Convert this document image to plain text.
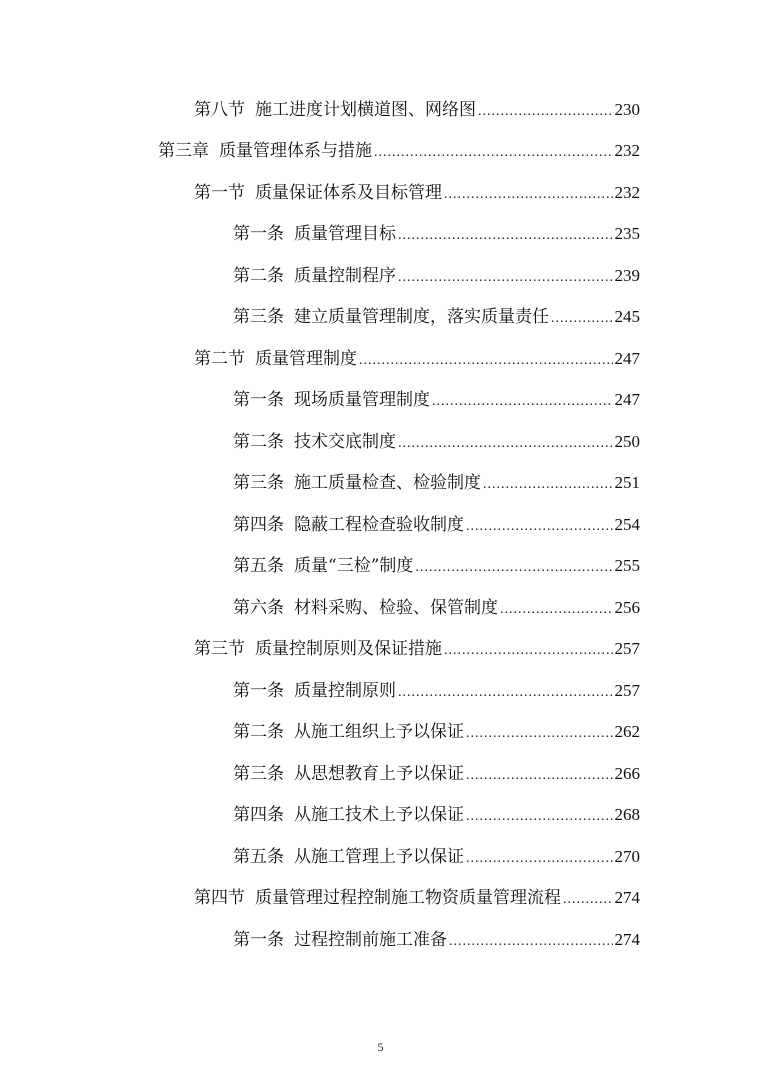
第八节 施工进度计划横道图、网络图 .....	230
第三章 质量管理体系与措施 .....	232
第一节 质量保证体系及目标管理 .....	232
第一条 质量管理目标 .....	235
第二条 质量控制程序 .....	239
第三条 建立质量管理制度，落实质量责任 .....	245
第二节 质量管理制度 .....	247
第一条 现场质量管理制度 .....	247
第二条 技术交底制度 .....	250
第三条 施工质量检查、检验制度 .....	251
第四条 隐蔽工程检查验收制度 .....	254
第五条 质量“三检”制度 .....	255
第六条 材料采购、检验、保管制度 .....	256
第三节 质量控制原则及保证措施 .....	257
第一条 质量控制原则 .....	257
第二条 从施工组织上予以保证 .....	262
第三条 从思想教育上予以保证 .....	266
第四条 从施工技术上予以保证 .....	268
第五条 从施工管理上予以保证 .....	270
第四节 质量管理过程控制施工物资质量管理流程 .....	274
第一条 过程控制前施工准备 .....	274
5
